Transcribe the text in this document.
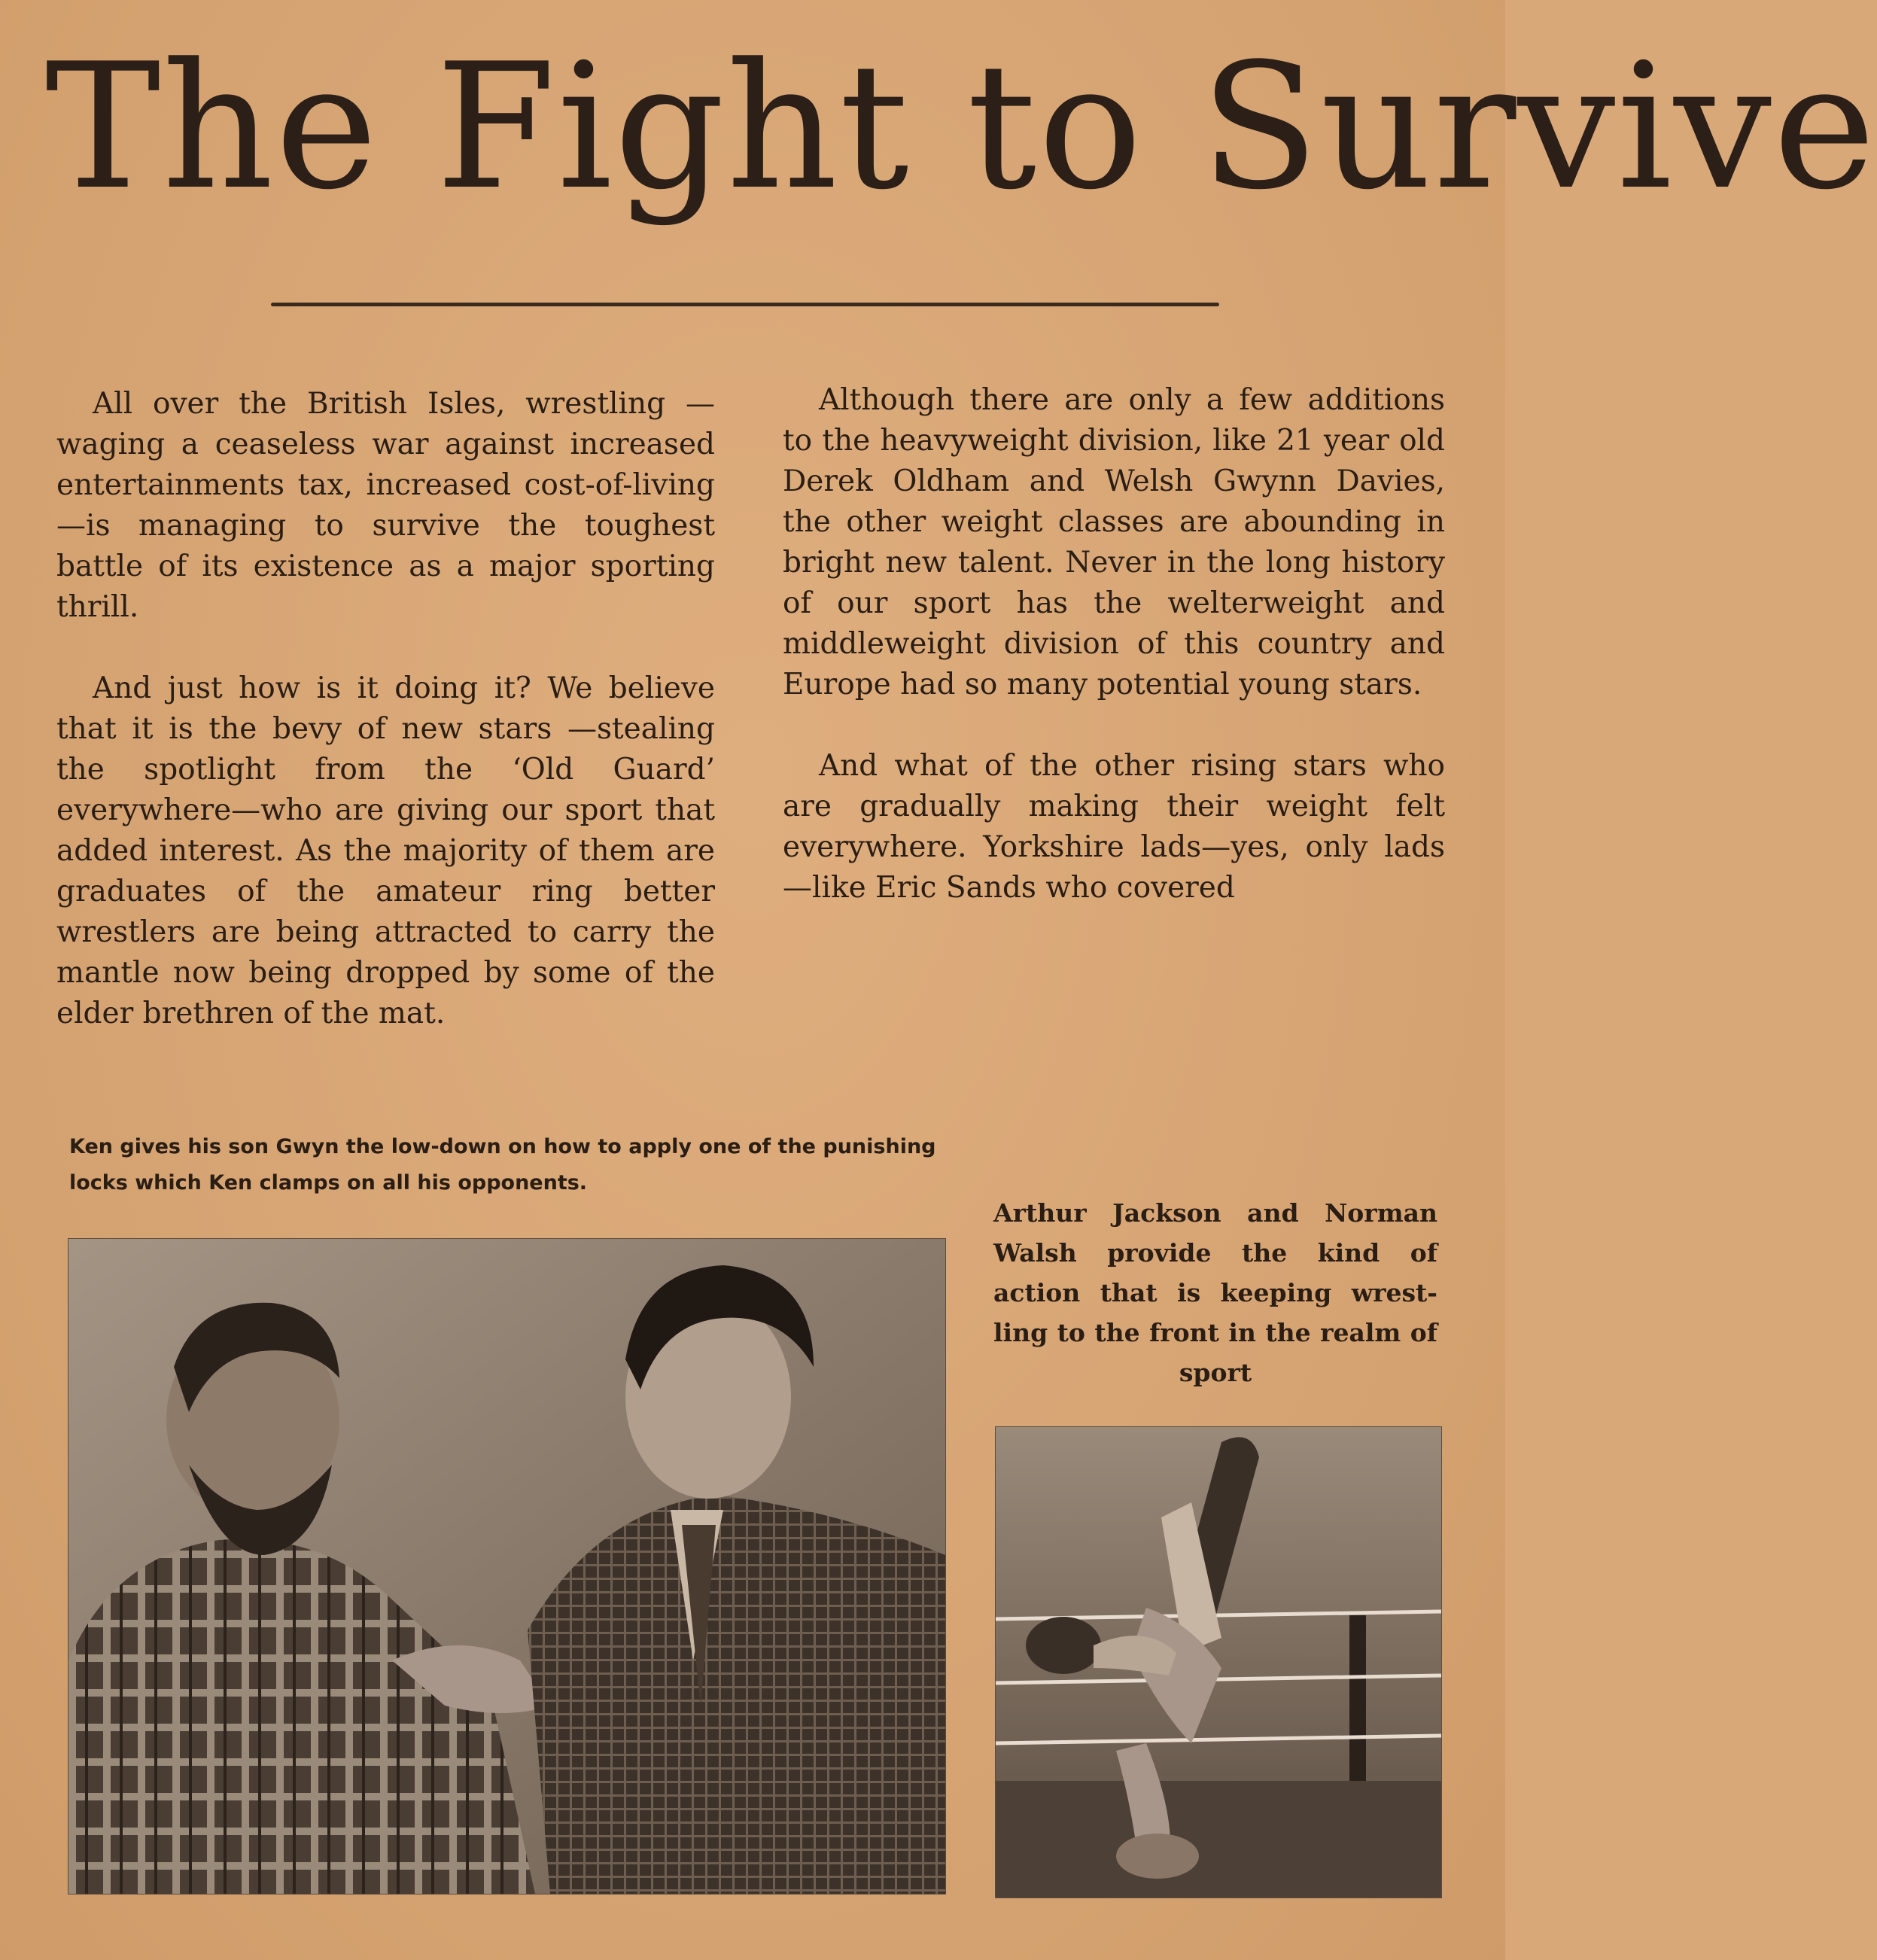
The Fight to Survive

All over the British Isles, wrestling —waging a ceaseless war against increased entertainments tax, increased cost-of-living—is managing to survive the toughest battle of its existence as a major sporting thrill.

And just how is it doing it? We believe that it is the bevy of new stars —stealing the spotlight from the ‘Old Guard’ everywhere—who are giving our sport that added interest. As the majority of them are graduates of the amateur ring better wrestlers are being attracted to carry the mantle now being dropped by some of the elder brethren of the mat.

Although there are only a few additions to the heavyweight division, like 21 year old Derek Oldham and Welsh Gwynn Davies, the other weight classes are abounding in bright new talent. Never in the long history of our sport has the welterweight and middleweight division of this country and Europe had so many potential young stars.

And what of the other rising stars who are gradually making their weight felt everywhere. Yorkshire lads—yes, only lads—like Eric Sands who covered

Ken gives his son Gwyn the low-down on how to apply one of the punishing locks which Ken clamps on all his opponents.
Arthur Jackson and Norman Walsh provide the kind of action that is keeping wrest-ling to the front in the realm of sport
